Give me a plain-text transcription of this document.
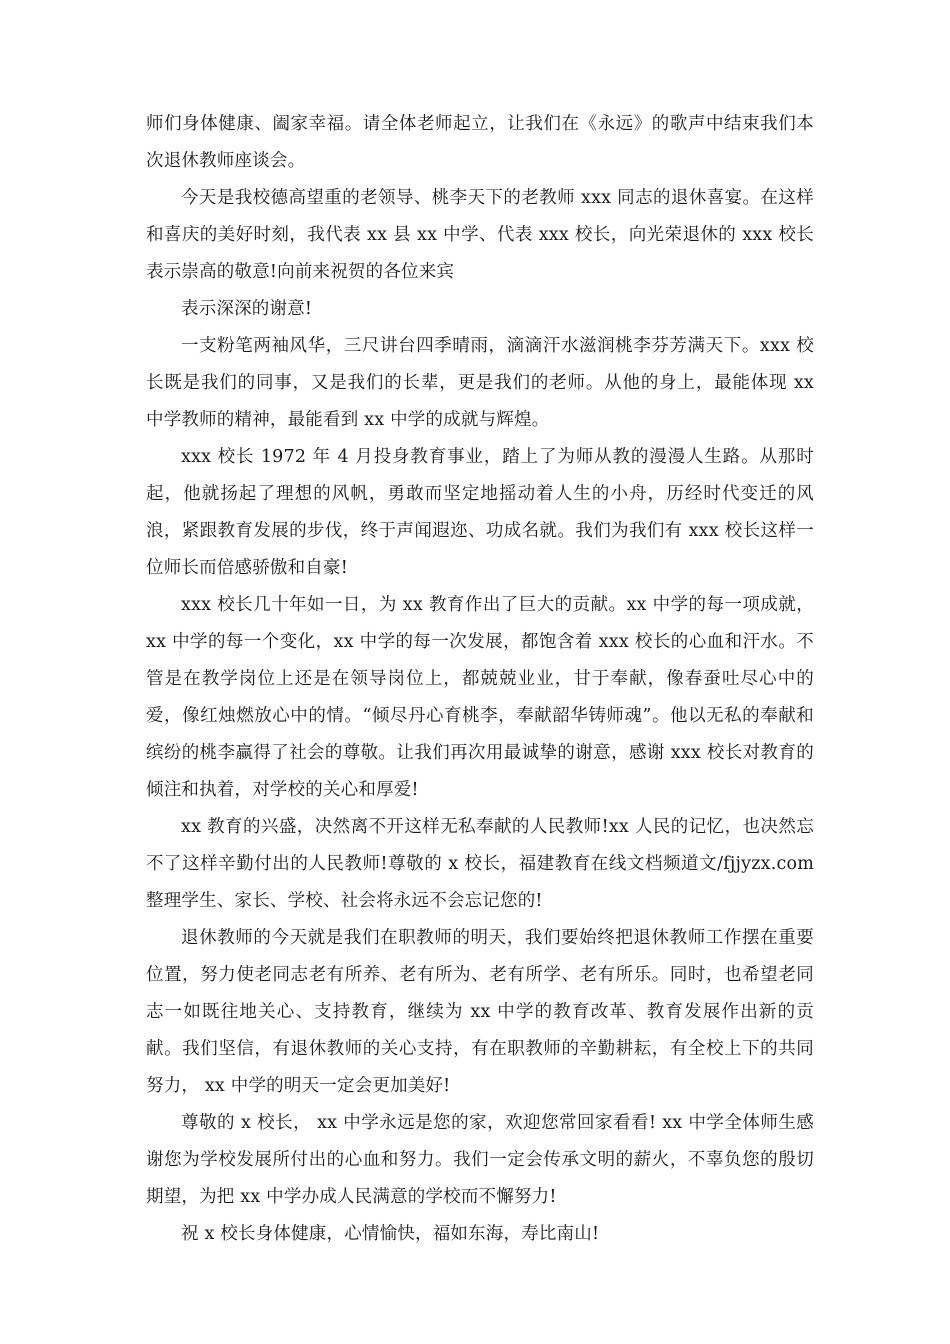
师们身体健康、阖家幸福。请全体老师起立，让我们在《永远》的歌声中结束我们本次退休教师座谈会。

今天是我校德高望重的老领导、桃李天下的老教师 xxx 同志的退休喜宴。在这样和喜庆的美好时刻，我代表 xx 县 xx 中学、代表 xxx 校长，向光荣退休的 xxx 校长表示崇高的敬意!向前来祝贺的各位来宾

表示深深的谢意!

一支粉笔两袖风华，三尺讲台四季晴雨，滴滴汗水滋润桃李芬芳满天下。xxx 校长既是我们的同事，又是我们的长辈，更是我们的老师。从他的身上，最能体现 xx 中学教师的精神，最能看到 xx 中学的成就与辉煌。

xxx 校长 1972 年 4 月投身教育事业，踏上了为师从教的漫漫人生路。从那时起，他就扬起了理想的风帆，勇敢而坚定地摇动着人生的小舟，历经时代变迁的风浪，紧跟教育发展的步伐，终于声闻遐迩、功成名就。我们为我们有 xxx 校长这样一位师长而倍感骄傲和自豪!

xxx 校长几十年如一日，为 xx 教育作出了巨大的贡献。xx 中学的每一项成就，xx 中学的每一个变化，xx 中学的每一次发展，都饱含着 xxx 校长的心血和汗水。不管是在教学岗位上还是在领导岗位上，都兢兢业业，甘于奉献，像春蚕吐尽心中的爱，像红烛燃放心中的情。“倾尽丹心育桃李，奉献韶华铸师魂”。他以无私的奉献和缤纷的桃李赢得了社会的尊敬。让我们再次用最诚挚的谢意，感谢 xxx 校长对教育的倾注和执着，对学校的关心和厚爱!

xx 教育的兴盛，决然离不开这样无私奉献的人民教师!xx 人民的记忆，也决然忘不了这样辛勤付出的人民教师!尊敬的 x 校长，福建教育在线文档频道文/fjjyzx.com 整理学生、家长、学校、社会将永远不会忘记您的!

退休教师的今天就是我们在职教师的明天，我们要始终把退休教师工作摆在重要位置，努力使老同志老有所养、老有所为、老有所学、老有所乐。同时，也希望老同志一如既往地关心、支持教育，继续为 xx 中学的教育改革、教育发展作出新的贡献。我们坚信，有退休教师的关心支持，有在职教师的辛勤耕耘，有全校上下的共同努力， xx 中学的明天一定会更加美好!

尊敬的 x 校长， xx 中学永远是您的家，欢迎您常回家看看! xx 中学全体师生感谢您为学校发展所付出的心血和努力。我们一定会传承文明的薪火，不辜负您的殷切期望，为把 xx 中学办成人民满意的学校而不懈努力!

祝 x 校长身体健康，心情愉快，福如东海，寿比南山!
